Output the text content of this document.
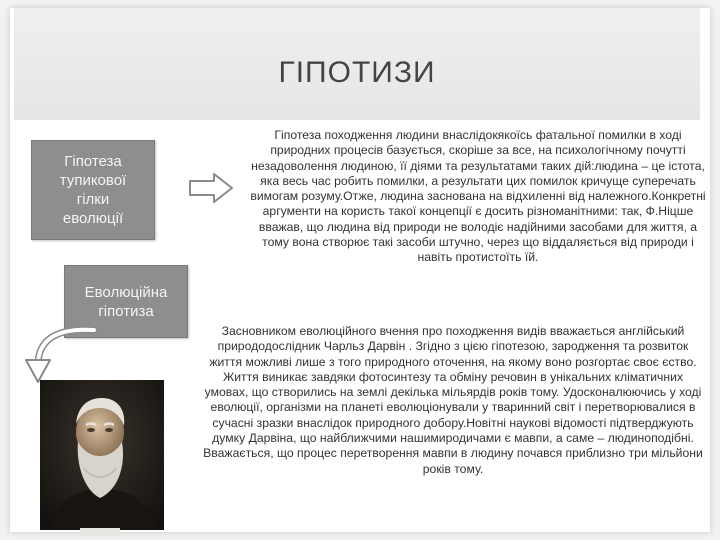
ГІПОТИЗИ
Гіпотеза
тупикової
гілки
еволюції
Еволюційна
гіпотиза
Гіпотеза походження людини внаслідокякоїсь фатальної помилки в ході природних процесів базується, скоріше за все, на психологічному почутті незадоволення людиною, її діями та результатами таких дій:людина – це істота, яка весь час робить помилки, а результати цих помилок кричуще суперечать вимогам розуму.Отже, людина заснована на відхиленні від належного.Конкретні аргументи на користь такої концепції є досить різноманітними: так, Ф.Ніцше вважав, що людина від природи не володіє надійними засобами для життя, а тому вона створює такі засоби штучно, через що віддаляється від природи і навіть протистоїть їй.
Засновником еволюційного вчення про походження видів вважається англійський природодослідник Чарльз Дарвін . Згідно з цією гіпотезою, зародження та розвиток життя можливі лише з того природного оточення, на якому воно розгортає своє єство. Життя виникає завдяки фотосинтезу та обміну речовин в унікальних кліматичних умовах, що створились на землі декілька мільярдів років тому. Удосконалюючись у ході еволюції, організми на планеті еволюціонували у тваринний світ і перетворювалися в сучасні зразки внаслідок природного добору.Новітні наукові відомості підтверджують думку Дарвіна, що найближчими нашимиродичами є мавпи, а саме – людиноподібні. Вважається, що процес перетворення мавпи в людину почався приблизно три мільйони років тому.
